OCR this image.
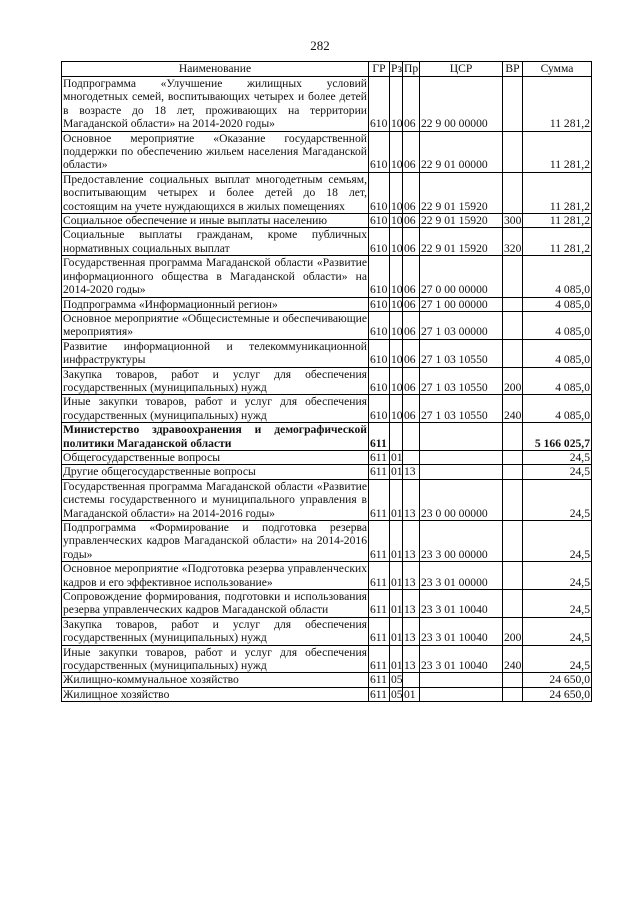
282
Наименование	ГР	Рз	Пр	ЦСР	ВР	Сумма
Подпрограмма «Улучшение жилищных условий многодетных семей, воспитывающих четырех и более детей в возрасте до 18 лет, проживающих на территории Магаданской области» на 2014-2020 годы»	610	10	06	22 9 00 00000		11 281,2
Основное мероприятие «Оказание государственной поддержки по обеспечению жильем населения Магаданской области»	610	10	06	22 9 01 00000		11 281,2
Предоставление социальных выплат многодетным семьям, воспитывающим четырех и более детей до 18 лет, состоящим на учете нуждающихся в жилых помещениях	610	10	06	22 9 01 15920		11 281,2
Социальное обеспечение и иные выплаты населению	610	10	06	22 9 01 15920	300	11 281,2
Социальные выплаты гражданам, кроме публичных нормативных социальных выплат	610	10	06	22 9 01 15920	320	11 281,2
Государственная программа Магаданской области «Развитие информационного общества в Магаданской области» на 2014-2020 годы»	610	10	06	27 0 00 00000		4 085,0
Подпрограмма «Информационный регион»	610	10	06	27 1 00 00000		4 085,0
Основное мероприятие «Общесистемные и обеспечивающие мероприятия»	610	10	06	27 1 03 00000		4 085,0
Развитие информационной и телекоммуникационной инфраструктуры	610	10	06	27 1 03 10550		4 085,0
Закупка товаров, работ и услуг для обеспечения государственных (муниципальных) нужд	610	10	06	27 1 03 10550	200	4 085,0
Иные закупки товаров, работ и услуг для обеспечения государственных (муниципальных) нужд	610	10	06	27 1 03 10550	240	4 085,0
Министерство здравоохранения и демографической политики Магаданской области	611					5 166 025,7
Общегосударственные вопросы	611	01				24,5
Другие общегосударственные вопросы	611	01	13			24,5
Государственная программа Магаданской области «Развитие системы государственного и муниципального управления в Магаданской области» на 2014-2016 годы»	611	01	13	23 0 00 00000		24,5
Подпрограмма «Формирование и подготовка резерва управленческих кадров Магаданской области» на 2014-2016 годы»	611	01	13	23 3 00 00000		24,5
Основное мероприятие «Подготовка резерва управленческих кадров и его эффективное использование»	611	01	13	23 3 01 00000		24,5
Сопровождение формирования, подготовки и использования резерва управленческих кадров Магаданской области	611	01	13	23 3 01 10040		24,5
Закупка товаров, работ и услуг для обеспечения государственных (муниципальных) нужд	611	01	13	23 3 01 10040	200	24,5
Иные закупки товаров, работ и услуг для обеспечения государственных (муниципальных) нужд	611	01	13	23 3 01 10040	240	24,5
Жилищно-коммунальное хозяйство	611	05				24 650,0
Жилищное хозяйство	611	05	01			24 650,0
